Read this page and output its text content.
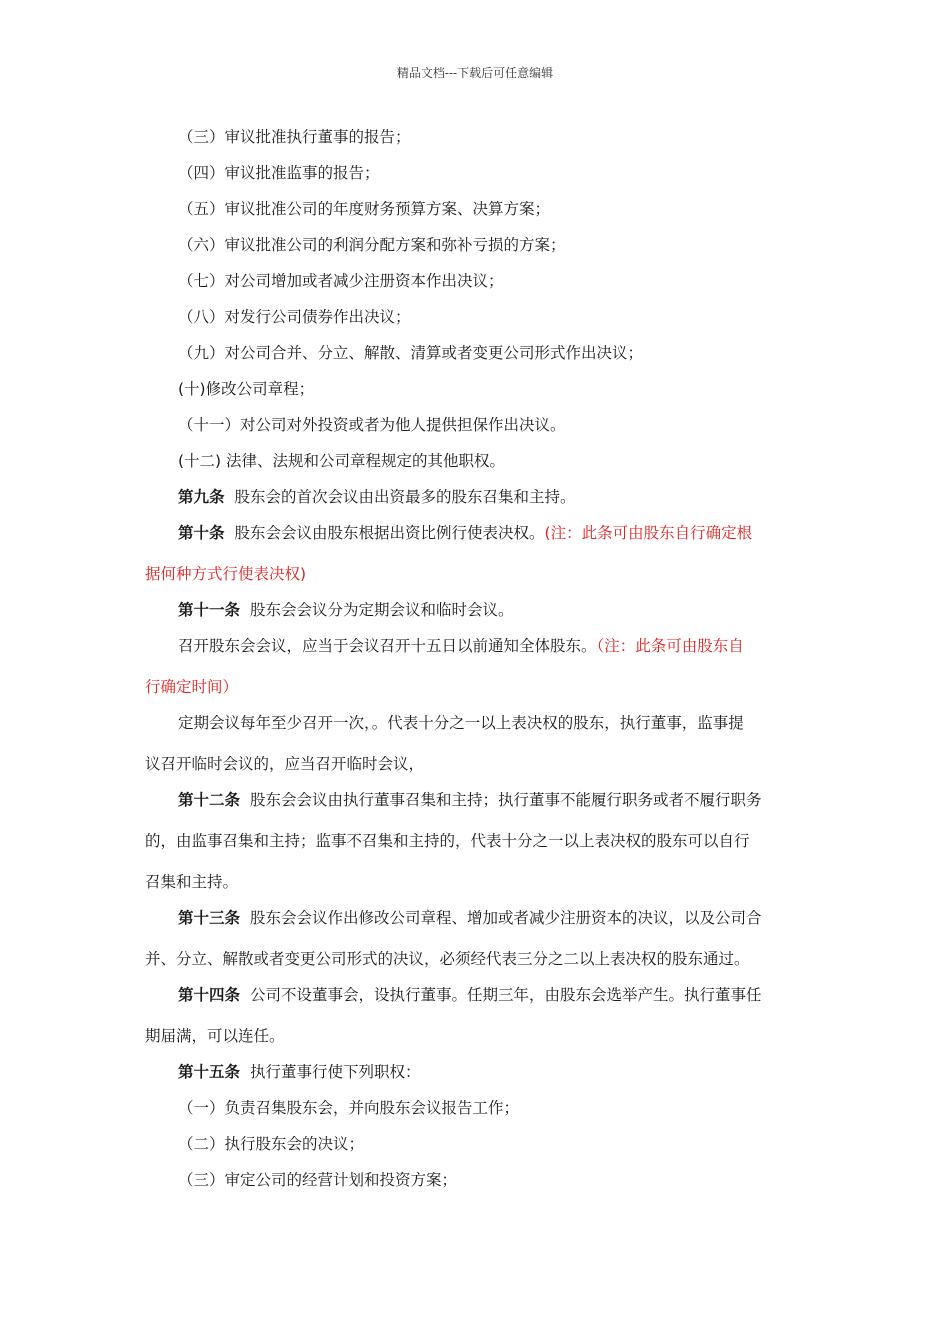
精品文档---下载后可任意编辑
（三）审议批准执行董事的报告；
（四）审议批准监事的报告；
（五）审议批准公司的年度财务预算方案、决算方案；
（六）审议批准公司的利润分配方案和弥补亏损的方案；
（七）对公司增加或者减少注册资本作出决议；
（八）对发行公司债券作出决议；
（九）对公司合并、分立、解散、清算或者变更公司形式作出决议；
(十)修改公司章程；
（十一）对公司对外投资或者为他人提供担保作出决议。
(十二) 法律、法规和公司章程规定的其他职权。
第九条 股东会的首次会议由出资最多的股东召集和主持。
第十条 股东会会议由股东根据出资比例行使表决权。(注：此条可由股东自行确定根
据何种方式行使表决权)
第十一条 股东会会议分为定期会议和临时会议。
召开股东会会议，应当于会议召开十五日以前通知全体股东。（注：此条可由股东自
行确定时间）
定期会议每年至少召开一次，。代表十分之一以上表决权的股东，执行董事，监事提
议召开临时会议的，应当召开临时会议，
第十二条 股东会会议由执行董事召集和主持；执行董事不能履行职务或者不履行职务
的，由监事召集和主持；监事不召集和主持的，代表十分之一以上表决权的股东可以自行
召集和主持。
第十三条 股东会会议作出修改公司章程、增加或者减少注册资本的决议，以及公司合
并、分立、解散或者变更公司形式的决议，必须经代表三分之二以上表决权的股东通过。
第十四条 公司不设董事会，设执行董事。任期三年，由股东会选举产生。执行董事任
期届满，可以连任。
第十五条 执行董事行使下列职权：
（一）负责召集股东会，并向股东会议报告工作；
（二）执行股东会的决议；
（三）审定公司的经营计划和投资方案；
